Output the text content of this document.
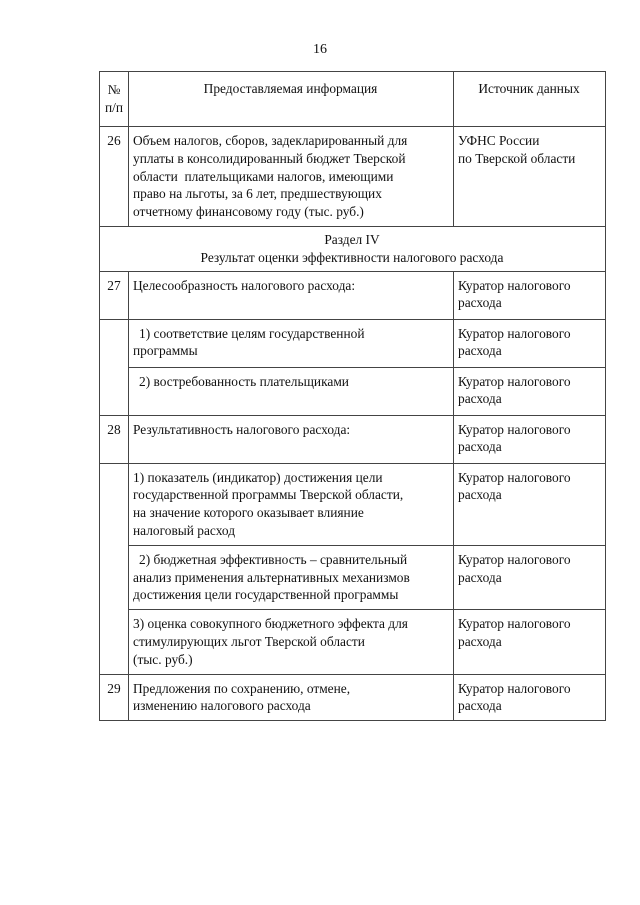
16
№
п/п	Предоставляемая информация	Источник данных
26	Объем налогов, сборов, задекларированный для
уплаты в консолидированный бюджет Тверской
области  плательщиками налогов, имеющими
право на льготы, за 6 лет, предшествующих
отчетному финансовому году (тыс. руб.)	УФНС России
по Тверской области

Раздел IV
Результат оценки эффективности налогового расхода		

27	Целесообразность налогового расхода:	Куратор налогового
расхода

	1) соответствие целям государственной
программы	Куратор налогового
расхода

	2) востребованность плательщиками	Куратор налогового
расхода

28	Результативность налогового расхода:	Куратор налогового
расхода

	1) показатель (индикатор) достижения цели
государственной программы Тверской области,
на значение которого оказывает влияние
налоговый расход	Куратор налогового
расхода

	2) бюджетная эффективность – сравнительный
анализ применения альтернативных механизмов
достижения цели государственной программы	Куратор налогового
расхода

	3) оценка совокупного бюджетного эффекта для
стимулирующих льгот Тверской области
(тыс. руб.)	Куратор налогового
расхода

29	Предложения по сохранению, отмене,
изменению налогового расхода	Куратор налогового
расхода
